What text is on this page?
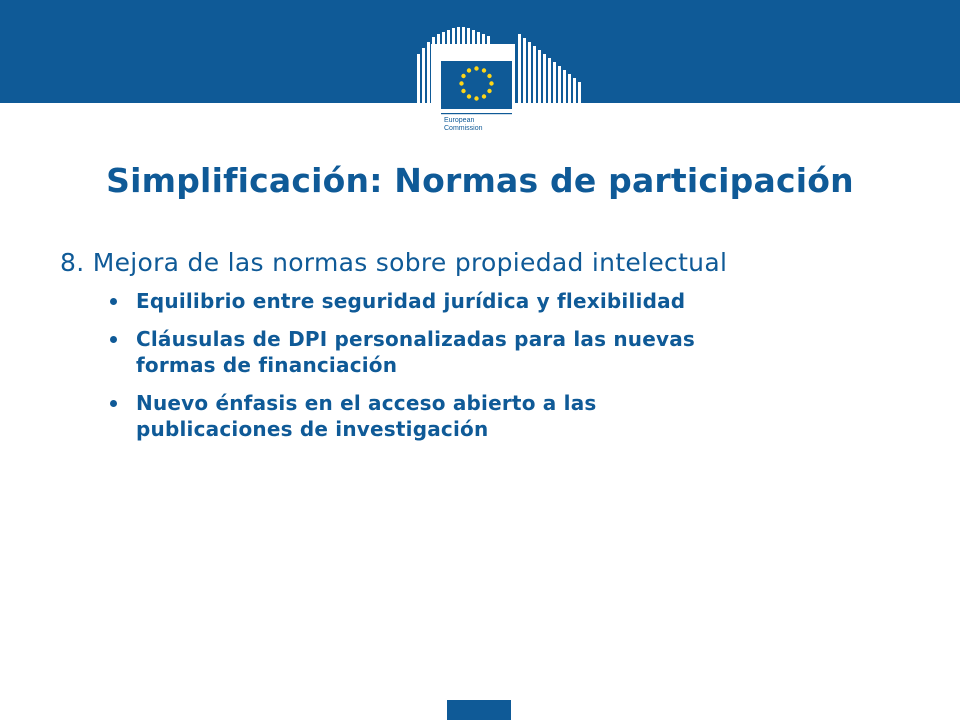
European
Commission
Simplificación: Normas de participación
8. Mejora de las normas sobre propiedad intelectual
Equilibrio entre seguridad jurídica y flexibilidad
Cláusulas de DPI personalizadas para las nuevas formas de financiación
Nuevo énfasis en el acceso abierto a las publicaciones de investigación
